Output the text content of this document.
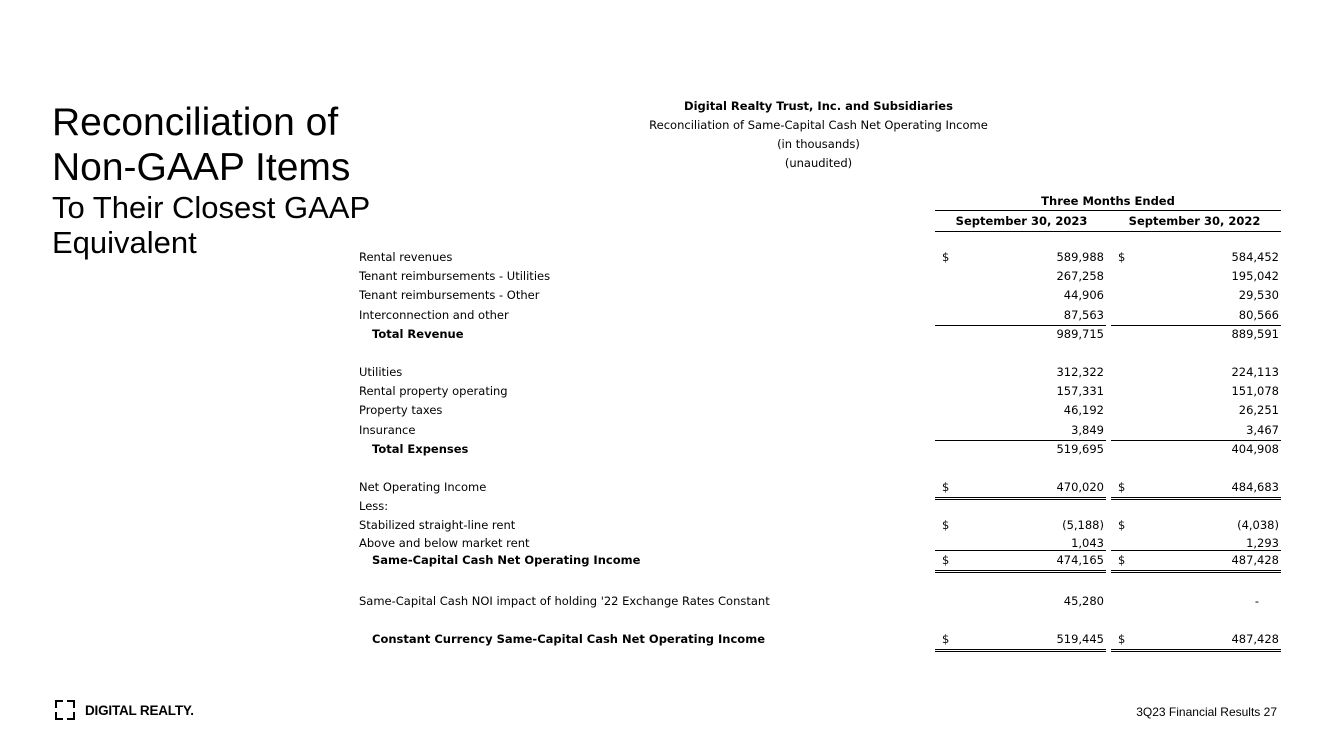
Reconciliation of
Non-GAAP Items
To Their Closest GAAP
Equivalent
Digital Realty Trust, Inc. and Subsidiaries
Reconciliation of Same-Capital Cash Net Operating Income
(in thousands)
(unaudited)
Three Months Ended
September 30, 2023	September 30, 2022
Rental revenues	$	589,988 $	584,452
Tenant reimbursements - Utilities	267,258	195,042
Tenant reimbursements - Other	44,906	29,530
Interconnection and other	87,563	80,566
Total Revenue	989,715	889,591
Utilities	312,322	224,113
Rental property operating	157,331	151,078
Property taxes	46,192	26,251
Insurance	3,849	3,467
Total Expenses	519,695	404,908
Net Operating Income	$	470,020 $	484,683
Less:
Stabilized straight-line rent	$	(5,188) $	(4,038)
Above and below market rent	1,043	1,293
Same-Capital Cash Net Operating Income	$	474,165 $	487,428
Same-Capital Cash NOI impact of holding '22 Exchange Rates Constant	45,280	-
Constant Currency Same-Capital Cash Net Operating Income	$	519,445 $	487,428
DIGITAL REALTY.	3Q23 Financial Results 27
